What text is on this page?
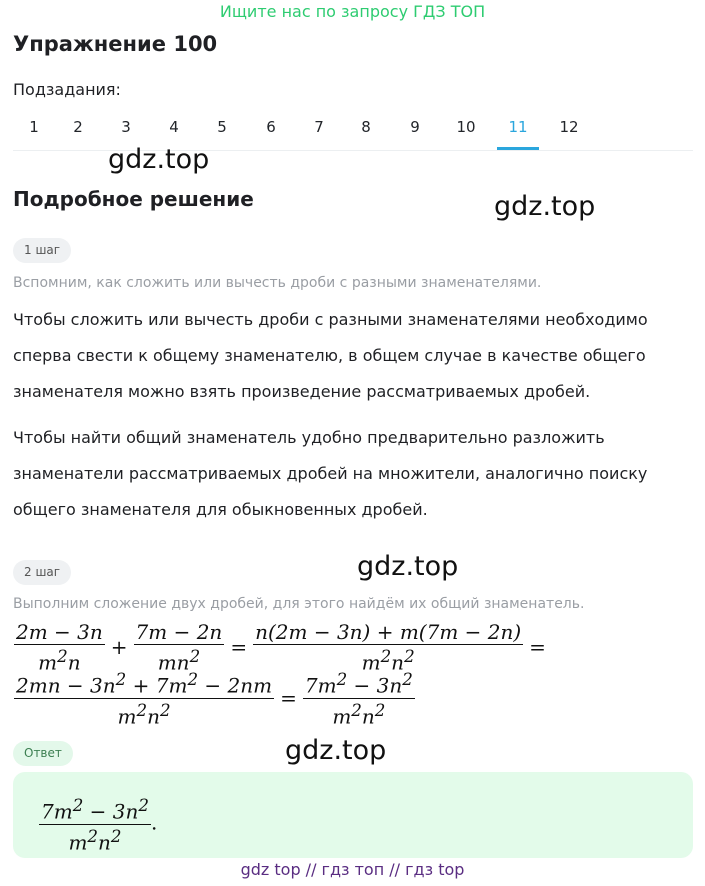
Ищите нас по запросу ГДЗ ТОП
Упражнение 100
Подзадания:
1	2	3	4	5	6	7	8	9	10	11	12
gdz.top
Подробное решение	gdz.top
1 шаг
Вспомним, как сложить или вычесть дроби с разными знаменателями.
Чтобы сложить или вычесть дроби с разными знаменателями необходимо сперва свести к общему знаменателю, в общем случае в качестве общего знаменателя можно взять произведение рассматриваемых дробей.
Чтобы найти общий знаменатель удобно предварительно разложить знаменатели рассматриваемых дробей на множители, аналогично поиску общего знаменателя для обыкновенных дробей.
gdz.top
2 шаг
Выполним сложение двух дробей, для этого найдём их общий знаменатель.
$\frac{2m - 3n}{m^2n} + \frac{7m - 2n}{mn^2} = \frac{n(2m - 3n) + m(7m - 2n)}{m^2n^2}$ =
$\frac{2mn - 3n^2 + 7m^2 - 2nm}{m^2n^2} = \frac{7m^2 - 3n^2}{m^2n^2}$
Ответ	gdz.top
$\frac{7m^2 - 3n^2}{m^2n^2}$ .
gdz top // гдз топ // гдз top
